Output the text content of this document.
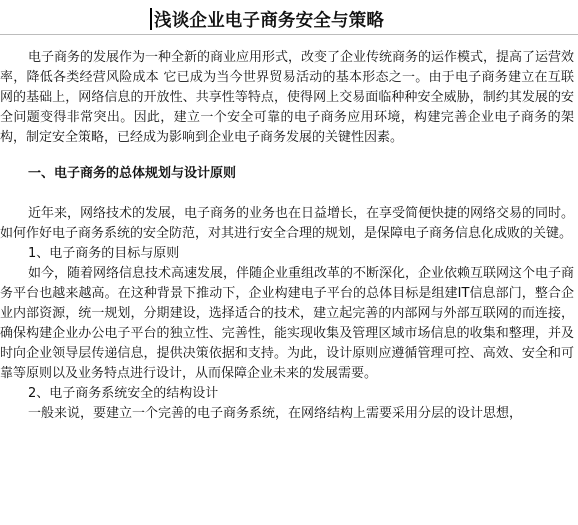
浅谈企业电子商务安全与策略

电子商务的发展作为一种全新的商业应用形式，改变了企业传统商务的运作模式，提高了运营效率，降低各类经营风险成本 它已成为当今世界贸易活动的基本形态之一。由于电子商务建立在互联网的基础上，网络信息的开放性、共享性等特点，使得网上交易面临种种安全威胁，制约其发展的安全问题变得非常突出。因此，建立一个安全可靠的电子商务应用环境，构建完善企业电子商务的架构，制定安全策略，已经成为影响到企业电子商务发展的关键性因素。

一、电子商务的总体规划与设计原则

近年来，网络技术的发展，电子商务的业务也在日益增长，在享受简便快捷的网络交易的同时。如何作好电子商务系统的安全防范，对其进行安全合理的规划，是保障电子商务信息化成败的关键。

1、电子商务的目标与原则

如今，随着网络信息技术高速发展，伴随企业重组改革的不断深化，企业依赖互联网这个电子商务平台也越来越高。在这种背景下推动下，企业构建电子平台的总体目标是组建IT信息部门，整合企业内部资源，统一规划，分期建设，选择适合的技术，建立起完善的内部网与外部互联网的而连接，确保构建企业办公电子平台的独立性、完善性，能实现收集及管理区域市场信息的收集和整理，并及时向企业领导层传递信息，提供决策依据和支持。为此，设计原则应遵循管理可控、高效、安全和可靠等原则以及业务特点进行设计，从而保障企业未来的发展需要。

2、电子商务系统安全的结构设计

一般来说，要建立一个完善的电子商务系统，在网络结构上需要采用分层的设计思想，
